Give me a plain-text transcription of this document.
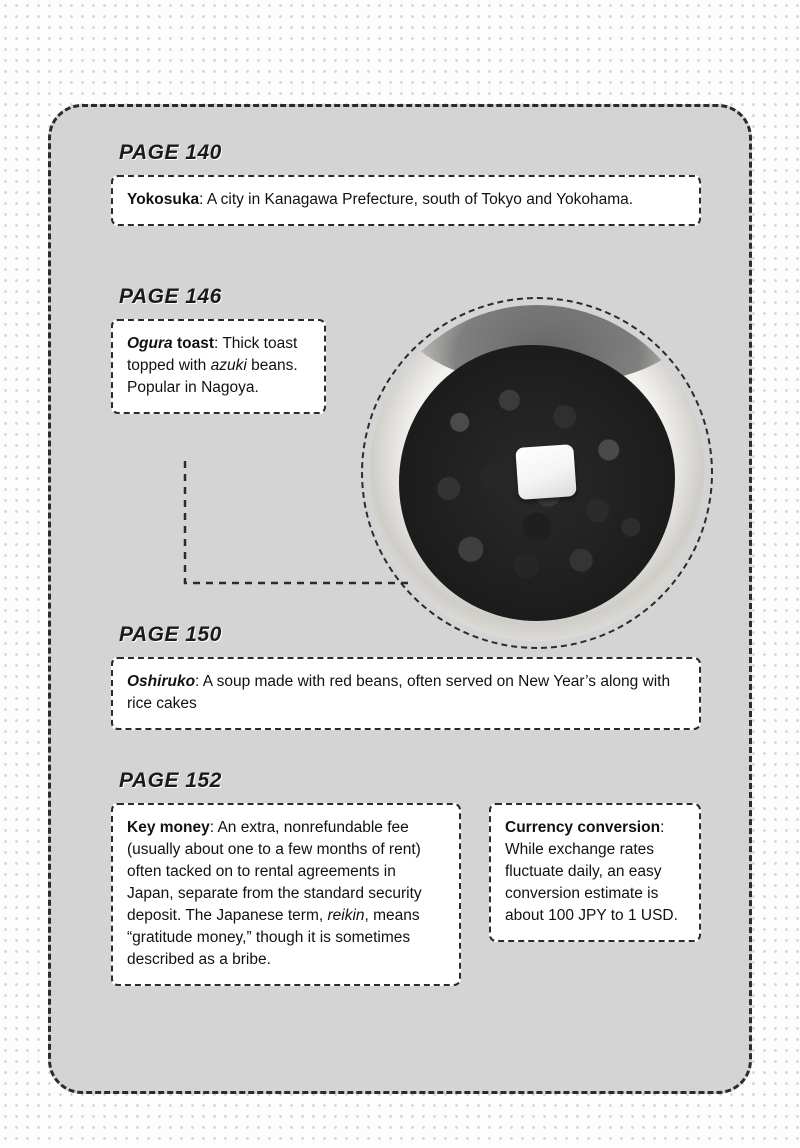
PAGE 140
Yokosuka: A city in Kanagawa Prefecture, south of Tokyo and Yokohama.
PAGE 146
Ogura toast: Thick toast topped with azuki beans. Popular in Nagoya.
PAGE 150
Oshiruko: A soup made with red beans, often served on New Year’s along with rice cakes
PAGE 152
Key money: An extra, nonrefundable fee (usually about one to a few months of rent) often tacked on to rental agreements in Japan, separate from the standard security deposit. The Japanese term, reikin, means “gratitude money,” though it is sometimes described as a bribe.
Currency conversion: While exchange rates fluctuate daily, an easy conversion estimate is about 100 JPY to 1 USD.
